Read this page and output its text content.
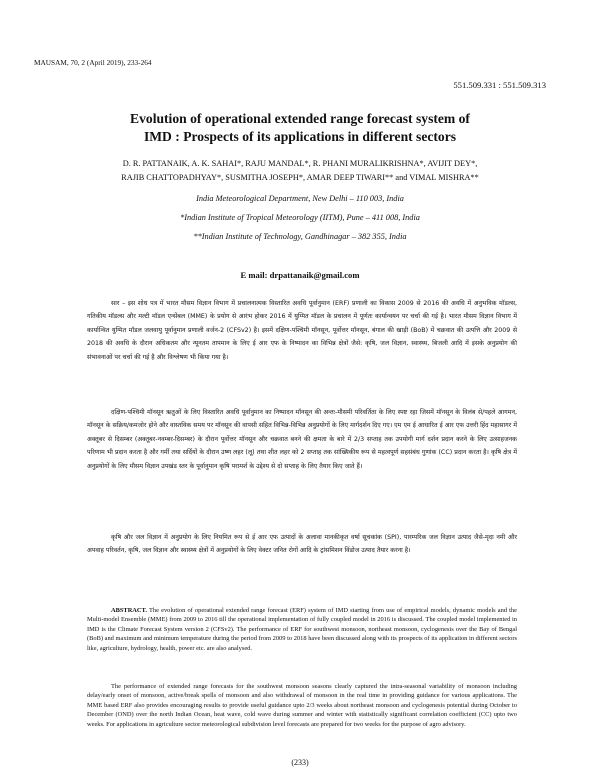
MAUSAM, 70, 2 (April 2019), 233-264
551.509.331 : 551.509.313
Evolution of operational extended range forecast system of
IMD : Prospects of its applications in different sectors
D. R. PATTANAIK, A. K. SAHAI*, RAJU MANDAL*, R. PHANI MURALIKRISHNA*, AVIJIT DEY*,
RAJIB CHATTOPADHYAY*, SUSMITHA JOSEPH*, AMAR DEEP TIWARI** and VIMAL MISHRA**
India Meteorological Department, New Delhi – 110 003, India
*Indian Institute of Tropical Meteorology (IITM), Pune – 411 008, India
**Indian Institute of Technology, Gandhinagar – 382 355, India
E mail: drpattanaik@gmail.com

सार – इस शोध पत्र में भारत मौसम विज्ञान विभाग में प्रचालनात्मक विस्तारित अवधि पूर्वानुमान (ERF) प्रणाली का विकास 2009 से 2016 की अवधि में अनुभविक मॉडल्स, गतिकीय मॉडल्स और मल्टी मॉडल एन्सेंबल (MME) के प्रयोग से आरंभ होकर 2016 में युग्मित मॉडल के प्रचालन में पूर्णतः कार्यान्वयन पर चर्चा की गई है। भारत मौसम विज्ञान विभाग में कार्यान्वित युग्मित मॉडल जलवायु पूर्वानुमान प्रणाली वर्जन-2 (CFSv2) है। इसमें दक्षिण-पश्चिमी मॉनसून, पूर्वोत्तर मॉनसून, बंगाल की खाड़ी (BoB) में चक्रवात की उत्पत्ति और 2009 से 2018 की अवधि के दौरान अधिकतम और न्यूनतम तापमान के लिए ई आर एफ के निष्पादन का विभिन्न क्षेत्रों जैसे: कृषि, जल विज्ञान, स्वास्थ्य, बिजली आदि में इसके अनुप्रयोग की संभावनाओं पर चर्चा की गई है और विश्लेषण भी किया गया है।

दक्षिण-पश्चिमी मॉनसून ऋतुओं के लिए विस्तारित अवधि पूर्वानुमान का निष्पादन मॉनसून की अन्तः-मौसमी परिवर्तिता के लिए स्पष्ट रहा जिसमें मॉनसून के विलंब से/पहले आगमन, मॉनसून के सक्रिय/कमजोर होने और वास्तविक समय पर मॉनसून की वापसी सहित विभिन्न-विभिन्न अनुप्रयोगों के लिए मार्गदर्शन दिए गए। एम एम ई आधारित ई आर एफ उत्तरी हिंद महासागर में अक्तूबर से दिसम्बर (अक्तूबर-नवम्बर-दिसम्बर) के दौरान पूर्वोत्तर मॉनसून और चक्रवात बनने की क्षमता के बारे में 2/3 सप्ताह तक उपयोगी मार्ग दर्शन प्रदान करने के लिए उत्साहजनक परिणाम भी प्रदान करता है और गर्मी तथा सर्दियों के दौरान उष्ण लहर (लू) तथा शीत लहर को 2 सप्ताह तक सांख्यिकीय रूप से महत्वपूर्ण सहसंबंध गुणांक (CC) प्रदान करता है। कृषि क्षेत्र में अनुप्रयोगों के लिए मौसम विज्ञान उपखंड स्तर के पूर्वानुमान कृषि परामर्श के उद्देश्य से दो सप्ताह के लिए तैयार किए जाते हैं।

कृषि और जल विज्ञान में अनुप्रयोग के लिए नियमित रूप से ई आर एफ उत्पादों के अलावा मानकीकृत वर्षा सूचकांक (SPI), पारम्परिक जल विज्ञान उत्पाद जैसे-मृदा नमी और अपवाह परिवर्तन, कृषि, जल विज्ञान और स्वास्थ्य क्षेत्रों में अनुप्रयोगों के लिए वेक्टर जनित रोगों आदि के ट्रांसमिशन विंडोज उत्पाद तैयार करना है।

ABSTRACT. The evolution of operational extended range forecast (ERF) system of IMD starting from use of empirical models, dynamic models and the Multi-model Ensemble (MME) from 2009 to 2016 till the operational implementation of fully coupled model in 2016 is discussed. The coupled model implemented in IMD is the Climate Forecast System version 2 (CFSv2). The performance of ERF for southwest monsoon, northeast monsoon, cyclogenesis over the Bay of Bengal (BoB) and maximum and minimum temperature during the period from 2009 to 2018 have been discussed along with its prospects of its application in different sectors like, agriculture, hydrology, health, power etc. are also analysed.

The performance of extended range forecasts for the southwest monsoon seasons clearly captured the intra-seasonal variability of monsoon including delay/early onset of monsoon, active/break spells of monsoon and also withdrawal of monsoon in the real time in providing guidance for various applications. The MME based ERF also provides encouraging results to provide useful guidance upto 2/3 weeks about northeast monsoon and cyclogenesis potential during October to December (OND) over the north Indian Ocean, heat wave, cold wave during summer and winter with statistically significant correlation coefficient (CC) upto two weeks. For applications in agriculture sector meteorological subdivision level forecasts are prepared for two weeks for the purpose of agro advisory.

(233)
